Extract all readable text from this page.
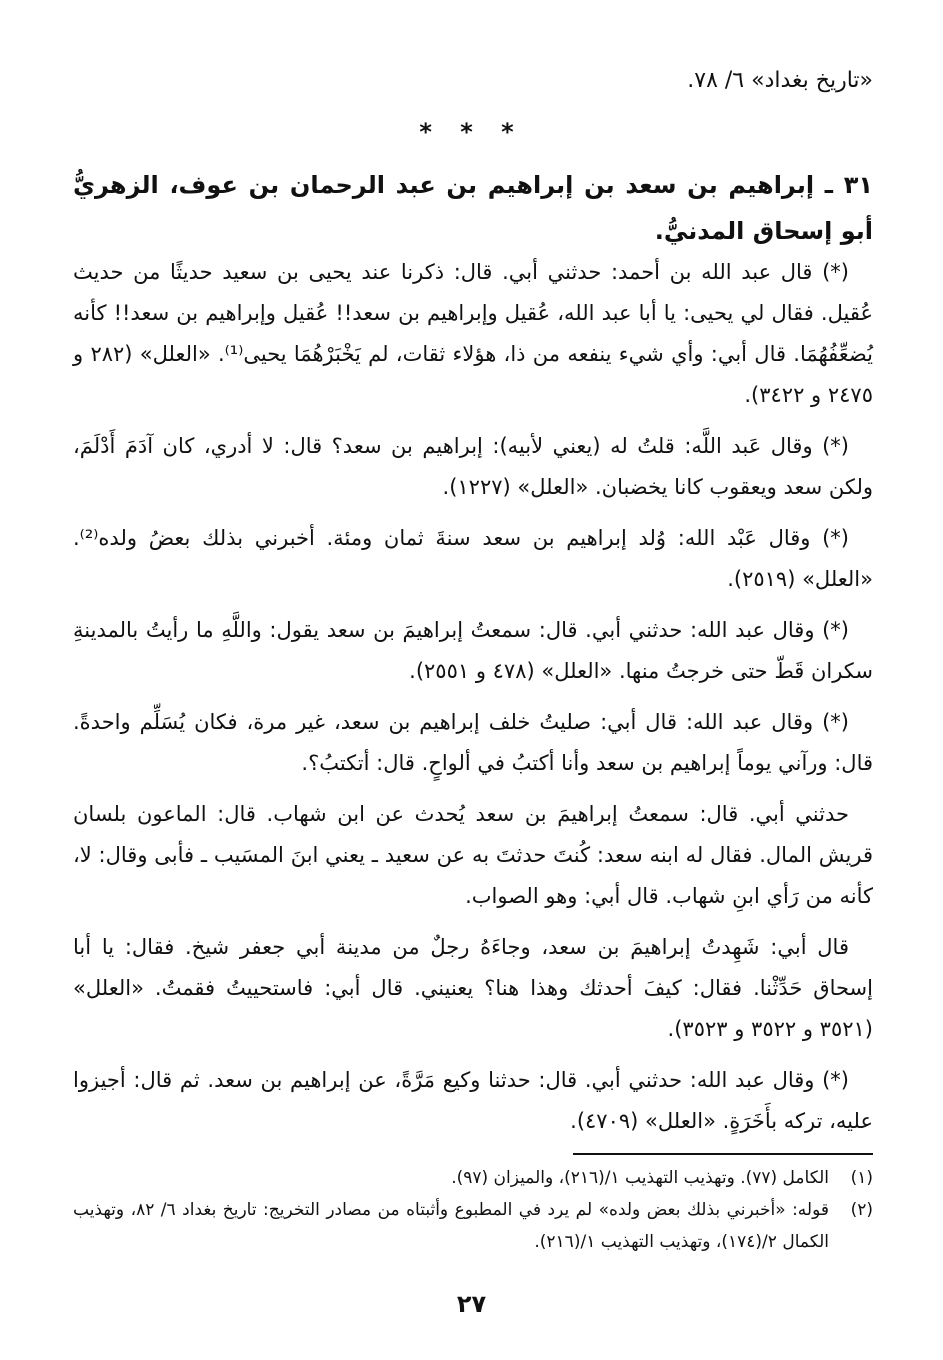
«تاريخ بغداد» ٦/ ٧٨.
* * *
٣١ ـ إبراهيم بن سعد بن إبراهيم بن عبد الرحمان بن عوف، الزهريُّ أبو إسحاق المدنيُّ.

(*) قال عبد الله بن أحمد: حدثني أبي. قال: ذكرنا عند يحيى بن سعيد حديثًا من حديث عُقيل. فقال لي يحيى: يا أبا عبد الله، عُقيل وإبراهيم بن سعد!! عُقيل وإبراهيم بن سعد!! كأنه يُضعِّفُهُمَا. قال أبي: وأي شيء ينفعه من ذا، هؤلاء ثقات، لم يَخْبَرْهُمَا يحيى⁽¹⁾. «العلل» (٢٨٢ و ٢٤٧٥ و ٣٤٢٢).

(*) وقال عَبد اللَّه: قلتُ له (يعني لأبيه): إبراهيم بن سعد؟ قال: لا أدري، كان آدَمَ أَدْلَمَ، ولكن سعد ويعقوب كانا يخضبان. «العلل» (١٢٢٧).

(*) وقال عَبْد الله: وُلد إبراهيم بن سعد سنةَ ثمان ومئة. أخبرني بذلك بعضُ ولده⁽²⁾. «العلل» (٢٥١٩).

(*) وقال عبد الله: حدثني أبي. قال: سمعتُ إبراهيمَ بن سعد يقول: واللَّهِ ما رأيتُ بالمدينةِ سكران قَطّ حتى خرجتُ منها. «العلل» (٤٧٨ و ٢٥٥١).

(*) وقال عبد الله: قال أبي: صليتُ خلف إبراهيم بن سعد، غير مرة، فكان يُسَلِّم واحدةً. قال: ورآني يوماً إبراهيم بن سعد وأنا أكتبُ في ألواحٍ. قال: أتكتبُ؟.

حدثني أبي. قال: سمعتُ إبراهيمَ بن سعد يُحدث عن ابن شهاب. قال: الماعون بلسان قريش المال. فقال له ابنه سعد: كُنتَ حدثتَ به عن سعيد ـ يعني ابنَ المسَيب ـ فأبى وقال: لا، كأنه من رَأي ابنِ شهاب. قال أبي: وهو الصواب.

قال أبي: شَهِدتُ إبراهيمَ بن سعد، وجاءَهُ رجلٌ من مدينة أبي جعفر شيخ. فقال: يا أبا إسحاق حَدِّثْنا. فقال: كيفَ أحدثك وهذا هنا؟ يعنيني. قال أبي: فاستحييتُ فقمتُ. «العلل» (٣٥٢١ و ٣٥٢٢ و ٣٥٢٣).

(*) وقال عبد الله: حدثني أبي. قال: حدثنا وكيع مَرَّةً، عن إبراهيم بن سعد. ثم قال: أجيزوا عليه، تركه بأَخَرَةٍ. «العلل» (٤٧٠٩).

(١)
الكامل (٧٧). وتهذيب التهذيب ١/(٢١٦)، والميزان (٩٧).
(٢)
قوله: «أخبرني بذلك بعض ولده» لم يرد في المطبوع وأثبتاه من مصادر التخريج: تاريخ بغداد ٦/ ٨٢، وتهذيب الكمال ٢/(١٧٤)، وتهذيب التهذيب ١/(٢١٦).
٢٧
